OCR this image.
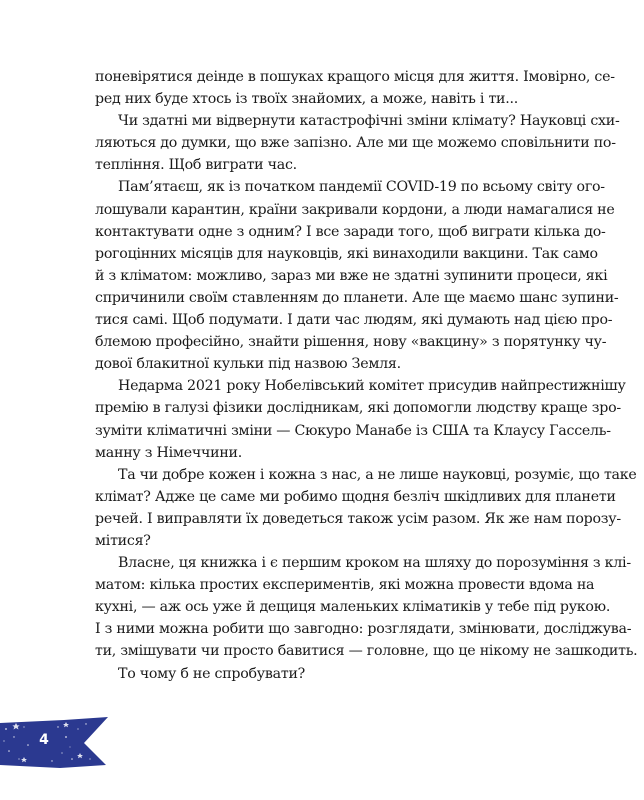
поневірятися деінде в пошуках кращого місця для життя. Імовірно, се-
ред них буде хтось із твоїх знайомих, а може, навіть і ти...

Чи здатні ми відвернути катастрофічні зміни клімату? Науковці схи-
ляються до думки, що вже запізно. Але ми ще можемо сповільнити по-
тепління. Щоб виграти час.

Пам’ятаєш, як із початком пандемії COVID-19 по всьому світу ого-
лошували карантин, країни закривали кордони, а люди намагалися не
контактувати одне з одним? І все заради того, щоб виграти кілька до-
рогоцінних місяців для науковців, які винаходили вакцини. Так само
й з кліматом: можливо, зараз ми вже не здатні зупинити процеси, які
спричинили своїм ставленням до планети. Але ще маємо шанс зупини-
тися самі. Щоб подумати. І дати час людям, які думають над цією про-
блемою професійно, знайти рішення, нову «вакцину» з порятунку чу-
дової блакитної кульки під назвою Земля.

Недарма 2021 року Нобелівський комітет присудив найпрестижнішу
премію в галузі фізики дослідникам, які допомогли людству краще зро-
зуміти кліматичні зміни — Сюкуро Манабе із США та Клаусу Гассель-
манну з Німеччини.

Та чи добре кожен і кожна з нас, а не лише науковці, розуміє, що таке
клімат? Адже це саме ми робимо щодня безліч шкідливих для планети
речей. І виправляти їх доведеться також усім разом. Як же нам порозу-
мітися?

Власне, ця книжка і є першим кроком на шляху до порозуміння з клі-
матом: кілька простих експериментів, які можна провести вдома на
кухні, — аж ось уже й дещиця маленьких кліматиків у тебе під рукою.
І з ними можна робити що завгодно: розглядати, змінювати, досліджува-
ти, змішувати чи просто бавитися — головне, що це нікому не зашкодить.

То чому б не спробувати?

4
